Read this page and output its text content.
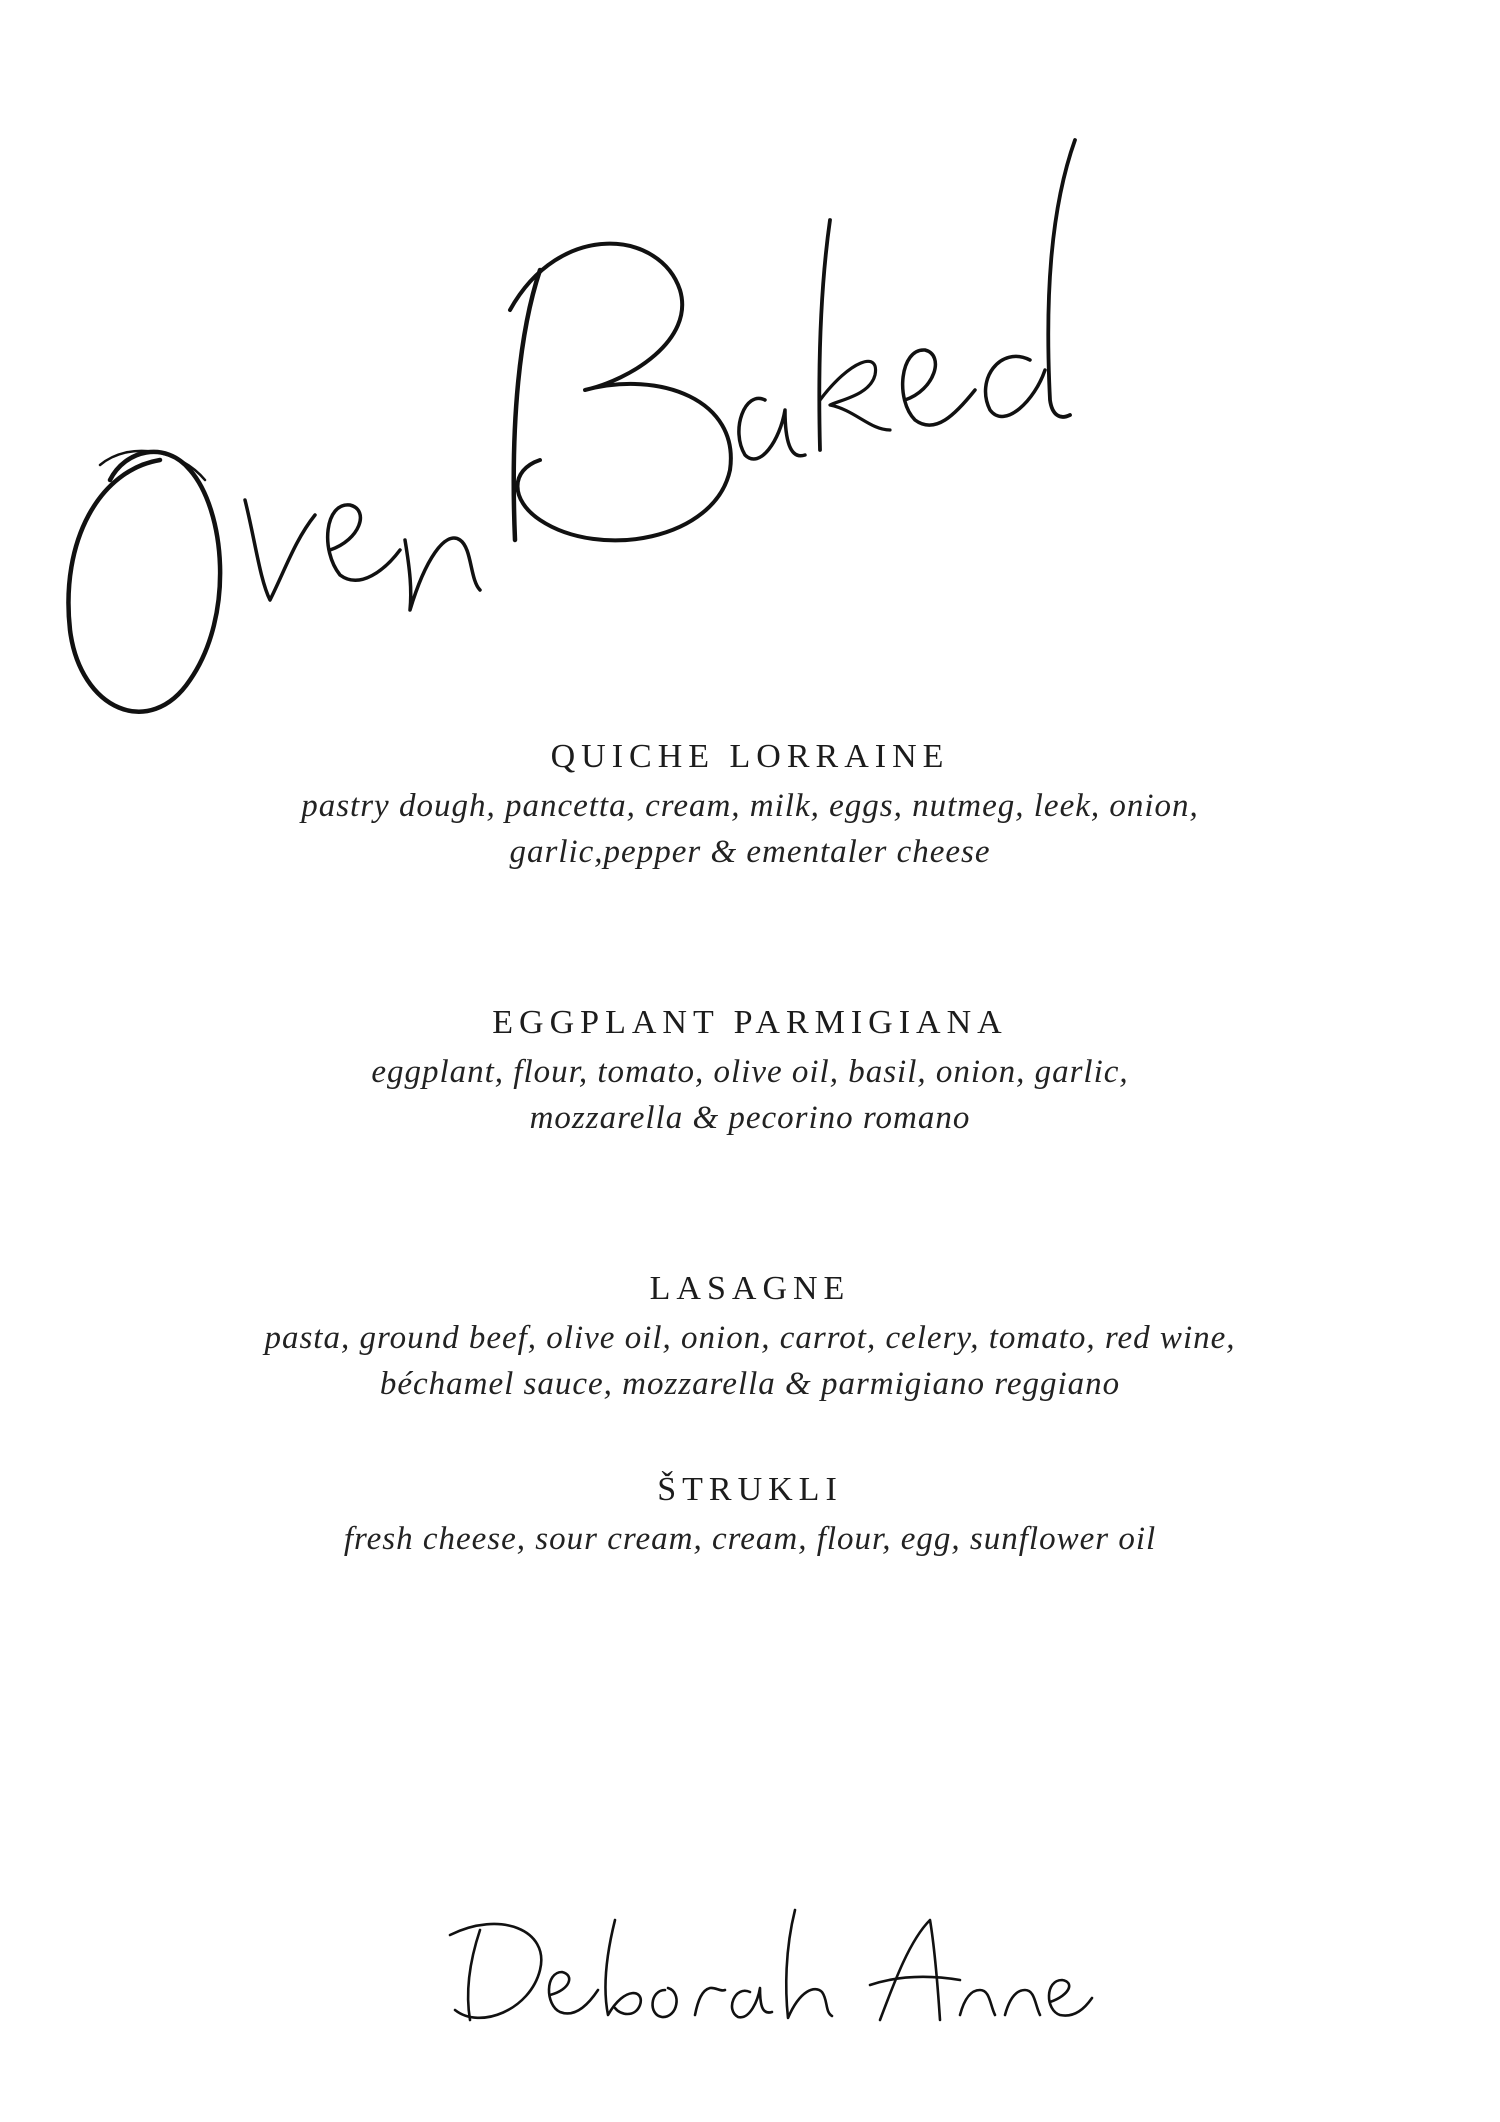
QUICHE LORRAINE

pastry dough, pancetta, cream, milk, eggs, nutmeg, leek, onion,
garlic,pepper & ementaler cheese

EGGPLANT PARMIGIANA

eggplant, flour, tomato, olive oil, basil, onion, garlic,
mozzarella & pecorino romano

LASAGNE

pasta, ground beef, olive oil, onion, carrot, celery, tomato, red wine,
béchamel sauce, mozzarella & parmigiano reggiano

ŠTRUKLI

fresh cheese, sour cream, cream, flour, egg, sunflower oil
